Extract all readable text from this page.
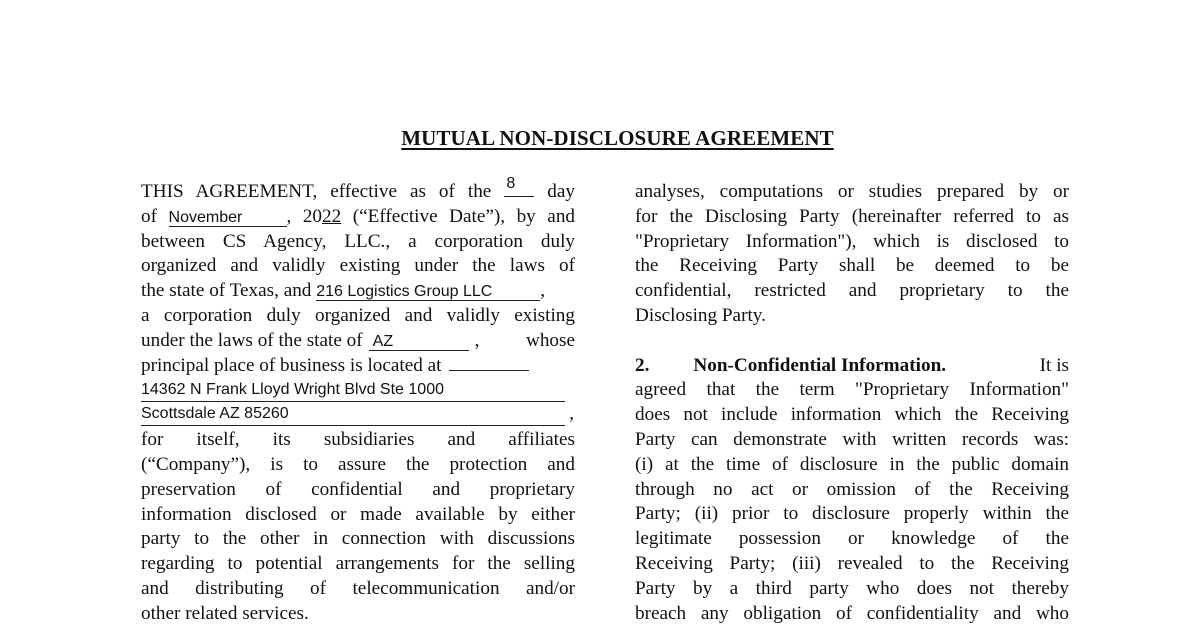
MUTUAL NON-DISCLOSURE AGREEMENT
THIS AGREEMENT, effective as of the 8 day
of November , 2022 (“Effective Date”), by and
between CS Agency, LLC., a corporation duly
organized and validly existing under the laws of
the state of Texas, and 216 Logistics Group LLC ,
a corporation duly organized and validly existing
under the laws of the state of AZ	, whose
principal place of business is located at
14362 N Frank Lloyd Wright Blvd Ste 1000
Scottsdale AZ 85260 ,
for itself, its subsidiaries and affiliates
(“Company”), is to assure the protection and
preservation of confidential and proprietary
information disclosed or made available by either
party to the other in connection with discussions
regarding to potential arrangements for the selling
and distributing of telecommunication and/or
other related services.
analyses, computations or studies prepared by or
for the Disclosing Party (hereinafter referred to as
"Proprietary Information"), which is disclosed to
the Receiving Party shall be deemed to be
confidential, restricted and proprietary to the
Disclosing Party.
2. Non-Confidential Information.	It is
agreed that the term "Proprietary Information"
does not include information which the Receiving
Party can demonstrate with written records was:
(i) at the time of disclosure in the public domain
through no act or omission of the Receiving
Party; (ii) prior to disclosure properly within the
legitimate possession or knowledge of the
Receiving Party; (iii) revealed to the Receiving
Party by a third party who does not thereby
breach any obligation of confidentiality and who
